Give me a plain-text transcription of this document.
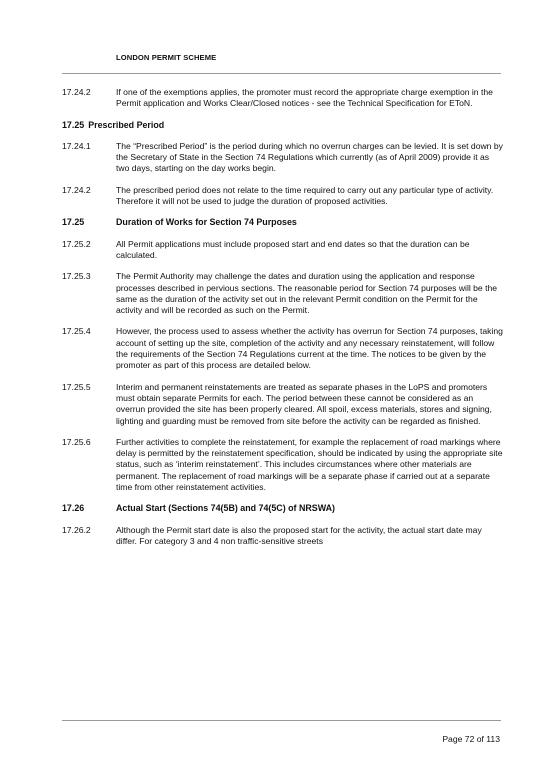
LONDON PERMIT SCHEME
17.24.2	If one of the exemptions applies, the promoter must record the appropriate charge exemption in the Permit application and Works Clear/Closed notices - see the Technical Specification for EToN.
17.25 Prescribed Period
17.24.1	The “Prescribed Period” is the period during which no overrun charges can be levied. It is set down by the Secretary of State in the Section 74 Regulations which currently (as of April 2009) provide it as two days, starting on the day works begin.
17.24.2	The prescribed period does not relate to the time required to carry out any particular type of activity. Therefore it will not be used to judge the duration of proposed activities.
17.25	Duration of Works for Section 74 Purposes
17.25.2	All Permit applications must include proposed start and end dates so that the duration can be calculated.
17.25.3	The Permit Authority may challenge the dates and duration using the application and response processes described in pervious sections. The reasonable period for Section 74 purposes will be the same as the duration of the activity set out in the relevant Permit condition on the Permit for the activity and will be recorded as such on the Permit.
17.25.4	However, the process used to assess whether the activity has overrun for Section 74 purposes, taking account of setting up the site, completion of the activity and any necessary reinstatement, will follow the requirements of the Section 74 Regulations current at the time. The notices to be given by the promoter as part of this process are detailed below.
17.25.5	Interim and permanent reinstatements are treated as separate phases in the LoPS and promoters must obtain separate Permits for each. The period between these cannot be considered as an overrun provided the site has been properly cleared. All spoil, excess materials, stores and signing, lighting and guarding must be removed from site before the activity can be regarded as finished.
17.25.6	Further activities to complete the reinstatement, for example the replacement of road markings where delay is permitted by the reinstatement specification, should be indicated by using the appropriate site status, such as ‘interim reinstatement’. This includes circumstances where other materials are permanent. The replacement of road markings will be a separate phase if carried out at a separate time from other reinstatement activities.
17.26	Actual Start (Sections 74(5B) and 74(5C) of NRSWA)
17.26.2	Although the Permit start date is also the proposed start for the activity, the actual start date may differ. For category 3 and 4 non traffic-sensitive streets
Page 72 of 113
